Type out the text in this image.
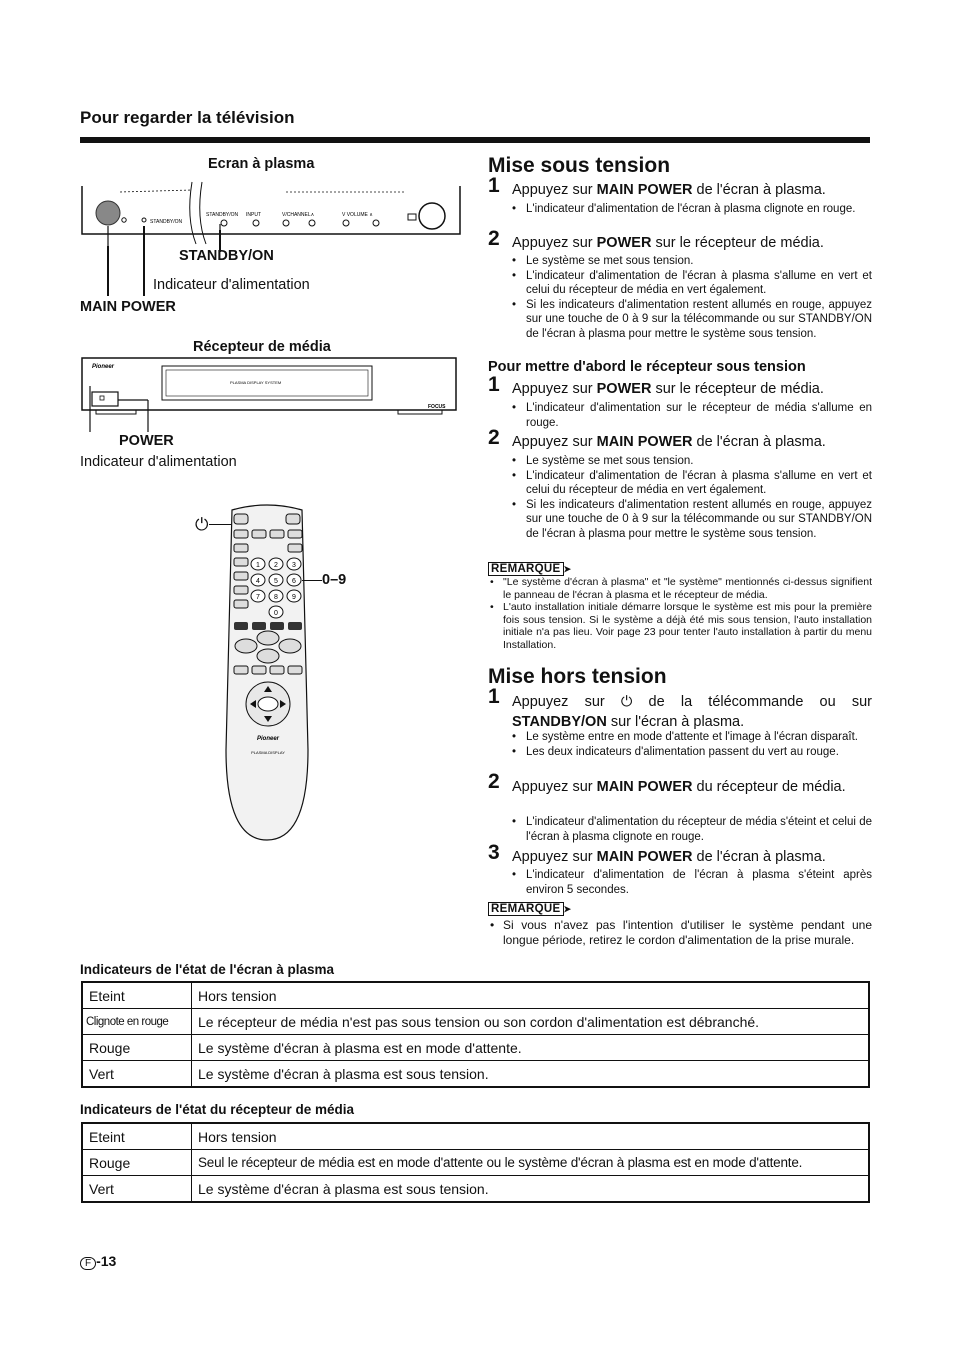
Pour regarder la télévision
Ecran à plasma
STANDBY/ON
STANDBY/ON INPUT	V/CHANNEL∧	V VOLUME ∧
STANDBY/ON
Indicateur d'alimentation
MAIN POWER
Récepteur de média
Pioneer
PLASMA DISPLAY SYSTEM
FOCUS
POWER
Indicateur d'alimentation
⏻
1 2 3
4 5 6
7 8 9
0
Pioneer
PLASMA DISPLAY
0–9
Mise sous tension
1 Appuyez sur MAIN POWER de l'écran à plasma.
• L'indicateur d'alimentation de l'écran à plasma clignote en rouge.
2 Appuyez sur POWER sur le récepteur de média.
• Le système se met sous tension.
• L'indicateur d'alimentation de l'écran à plasma s'allume en vert et celui du récepteur de média en vert également.
• Si les indicateurs d'alimentation restent allumés en rouge, appuyez sur une touche de 0 à 9 sur la télécommande ou sur STANDBY/ON de l'écran à plasma pour mettre le système sous tension.
Pour mettre d'abord le récepteur sous tension
1 Appuyez sur POWER sur le récepteur de média.
• L'indicateur d'alimentation sur le récepteur de média s'allume en rouge.
2 Appuyez sur MAIN POWER de l'écran à plasma.
• Le système se met sous tension.
• L'indicateur d'alimentation de l'écran à plasma s'allume en vert et celui du récepteur de média en vert également.
• Si les indicateurs d'alimentation restent allumés en rouge, appuyez sur une touche de 0 à 9 sur la télécommande ou sur STANDBY/ON de l'écran à plasma pour mettre le système sous tension.
REMARQUE ➤
• "Le système d'écran à plasma" et "le système" mentionnés ci-dessus signifient le panneau de l'écran à plasma et le récepteur de média.
• L'auto installation initiale démarre lorsque le système est mis pour la première fois sous tension. Si le système a déjà été mis sous tension, l'auto installation initiale n'a pas lieu. Voir page 23 pour tenter l'auto installation à partir du menu Installation.
Mise hors tension
1 Appuyez sur ⏻ de la télécommande ou sur STANDBY/ON sur l'écran à plasma.
• Le système entre en mode d'attente et l'image à l'écran disparaît.
• Les deux indicateurs d'alimentation passent du vert au rouge.
2 Appuyez sur MAIN POWER du récepteur de média.
• L'indicateur d'alimentation du récepteur de média s'éteint et celui de l'écran à plasma clignote en rouge.
3 Appuyez sur MAIN POWER de l'écran à plasma.
• L'indicateur d'alimentation de l'écran à plasma s'éteint après environ 5 secondes.
REMARQUE ➤
• Si vous n'avez pas l'intention d'utiliser le système pendant une longue période, retirez le cordon d'alimentation de la prise murale.
Indicateurs de l'état de l'écran à plasma
Eteint	Hors tension
Clignote en rouge	Le récepteur de média n'est pas sous tension ou son cordon d'alimentation est débranché.
Rouge	Le système d'écran à plasma est en mode d'attente.
Vert	Le système d'écran à plasma est sous tension.
Indicateurs de l'état du récepteur de média
Eteint	Hors tension
Rouge	Seul le récepteur de média est en mode d'attente ou le système d'écran à plasma est en mode d'attente.
Vert	Le système d'écran à plasma est sous tension.
F -13
